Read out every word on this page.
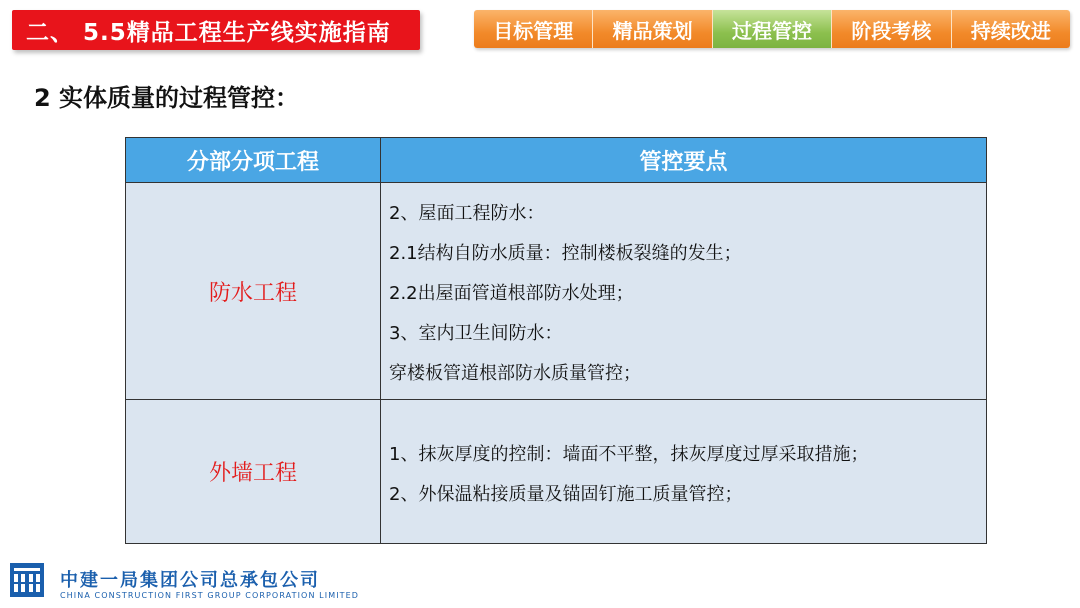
二、 5.5精品工程生产线实施指南	目标管理	精品策划	过程管控	阶段考核	持续改进
2 实体质量的过程管控：
分部分项工程	管控要点
防水工程	2、屋面工程防水：
2.1结构自防水质量：控制楼板裂缝的发生；
2.2出屋面管道根部防水处理；
3、室内卫生间防水：
穿楼板管道根部防水质量管控；

外墙工程	1、抹灰厚度的控制：墙面不平整，抹灰厚度过厚采取措施；
2、外保温粘接质量及锚固钉施工质量管控；
中建一局集团公司总承包公司
CHINA CONSTRUCTION FIRST GROUP CORPORATION LIMITED
